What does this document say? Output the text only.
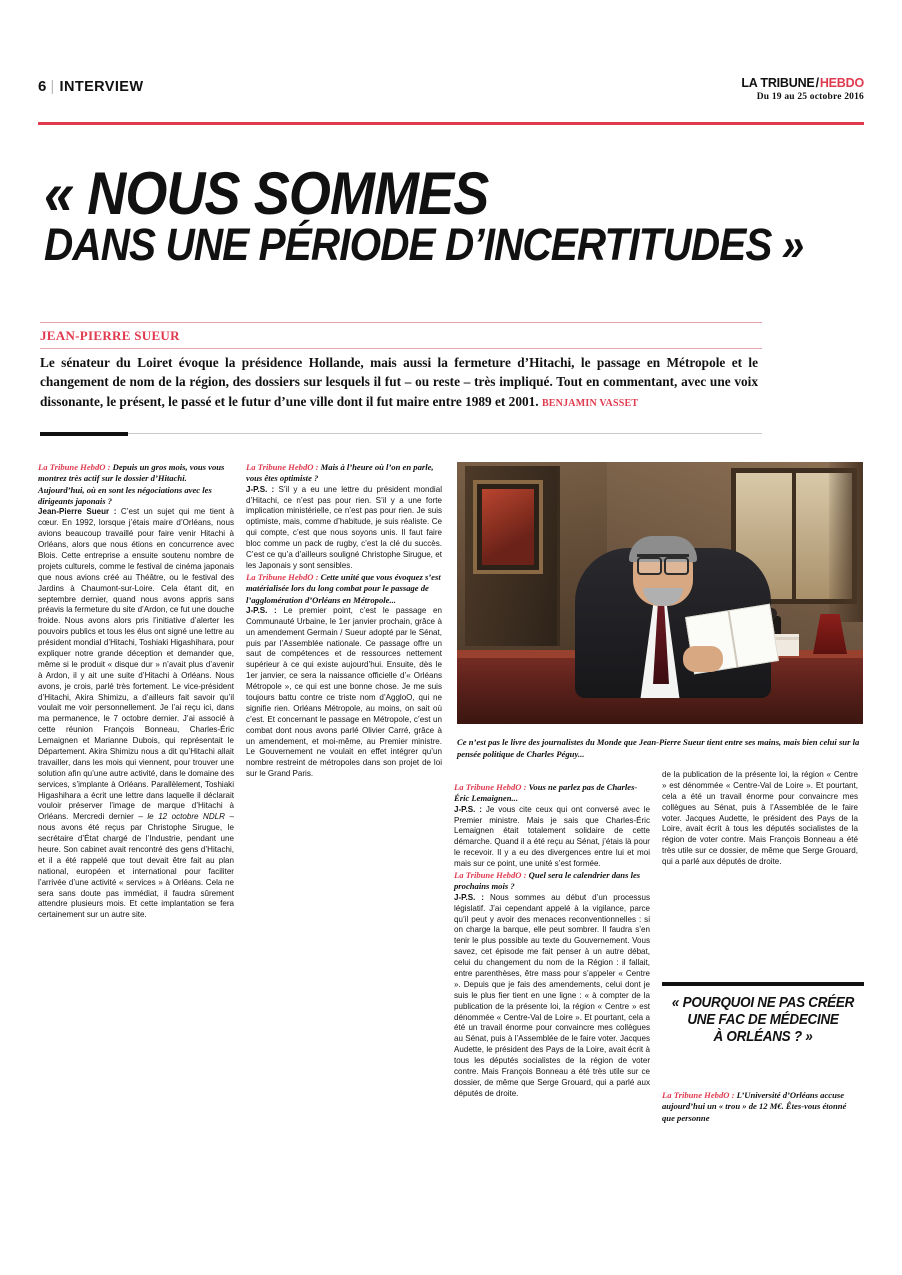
6 | INTERVIEW	LA TRIBUNE/HEBDO
Du 19 au 25 octobre 2016
« NOUS SOMMES
DANS UNE PÉRIODE D’INCERTITUDES »
JEAN-PIERRE SUEUR
Le sénateur du Loiret évoque la présidence Hollande, mais aussi la fermeture d’Hitachi, le passage en Métropole et le changement de nom de la région, des dossiers sur lesquels il fut – ou reste – très impliqué. Tout en commentant, avec une voix dissonante, le présent, le passé et le futur d’une ville dont il fut maire entre 1989 et 2001. BENJAMIN VASSET
Ce n’est pas le livre des journalistes du Monde que Jean-Pierre Sueur tient entre ses mains, mais bien celui sur la pensée politique de Charles Péguy...

La Tribune HebdO : Depuis un gros mois, vous vous montrez très actif sur le dossier d’Hitachi. Aujourd’hui, où en sont les négociations avec les dirigeants japonais ?

Jean-Pierre Sueur : C’est un sujet qui me tient à cœur. En 1992, lorsque j’étais maire d’Orléans, nous avions beaucoup travaillé pour faire venir Hitachi à Orléans, alors que nous étions en concurrence avec Blois. Cette entreprise a ensuite soutenu nombre de projets culturels, comme le festival de cinéma japonais que nous avions créé au Théâtre, ou le festival des Jardins à Chaumont-sur-Loire. Cela étant dit, en septembre dernier, quand nous avons appris sans préavis la fermeture du site d’Ardon, ce fut une douche froide. Nous avons alors pris l’initiative d’alerter les pouvoirs publics et tous les élus ont signé une lettre au président mondial d’Hitachi, Toshiaki Higashihara, pour expliquer notre grande déception et demander que, même si le produit « disque dur » n’avait plus d’avenir à Ardon, il y ait une suite d’Hitachi à Orléans. Nous avons, je crois, parlé très fortement. Le vice-président d’Hitachi, Akira Shimizu, a d’ailleurs fait savoir qu’il voulait me voir personnellement. Je l’ai reçu ici, dans ma permanence, le 7 octobre dernier. J’ai associé à cette réunion François Bonneau, Charles-Éric Lemaignen et Marianne Dubois, qui représentait le Département. Akira Shimizu nous a dit qu’Hitachi allait travailler, dans les mois qui viennent, pour trouver une solution afin qu’une autre activité, dans le domaine des services, s’implante à Orléans. Parallèlement, Toshiaki Higashihara a écrit une lettre dans laquelle il déclarait vouloir préserver l’image de marque d’Hitachi à Orléans. Mercredi dernier – le 12 octobre NDLR – nous avons été reçus par Christophe Sirugue, le secrétaire d’État chargé de l’Industrie, pendant une heure. Son cabinet avait rencontré des gens d’Hitachi, et il a été rappelé que tout devait être fait au plan national, européen et international pour faciliter l’arrivée d’une activité « services » à Orléans. Cela ne sera sans doute pas immédiat, il faudra sûrement attendre plusieurs mois. Et cette implantation se fera certainement sur un autre site.

La Tribune HebdO : Mais à l’heure où l’on en parle, vous êtes optimiste ?

J-P.S. : S’il y a eu une lettre du président mondial d’Hitachi, ce n’est pas pour rien. S’il y a une forte implication ministérielle, ce n’est pas pour rien. Je suis optimiste, mais, comme d’habitude, je suis réaliste. Ce qui compte, c’est que nous soyons unis. Il faut faire bloc comme un pack de rugby, c’est la clé du succès. C’est ce qu’a d’ailleurs souligné Christophe Sirugue, et les Japonais y sont sensibles.

La Tribune HebdO : Cette unité que vous évoquez s’est matérialisée lors du long combat pour le passage de l’agglomération d’Orléans en Métropole...

J-P.S. : Le premier point, c’est le passage en Communauté Urbaine, le 1er janvier prochain, grâce à un amendement Germain / Sueur adopté par le Sénat, puis par l’Assemblée nationale. Ce passage offre un saut de compétences et de ressources nettement supérieur à ce qui existe aujourd’hui. Ensuite, dès le 1er janvier, ce sera la naissance officielle d’« Orléans Métropole », ce qui est une bonne chose. Je me suis toujours battu contre ce triste nom d’AggloO, qui ne signifie rien. Orléans Métropole, au moins, on sait où c’est. Et concernant le passage en Métropole, c’est un combat dont nous avons parlé Olivier Carré, grâce à un amendement, et moi-même, au Premier ministre. Le Gouvernement ne voulait en effet intégrer qu’un nombre restreint de métropoles dans son projet de loi sur le Grand Paris.

La Tribune HebdO : Vous ne parlez pas de Charles-Éric Lemaignen...

J-P.S. : Je vous cite ceux qui ont conversé avec le Premier ministre. Mais je sais que Charles-Éric Lemaignen était totalement solidaire de cette démarche. Quand il a été reçu au Sénat, j’étais là pour le recevoir. Il y a eu des divergences entre lui et moi mais sur ce point, une unité s’est formée.

La Tribune HebdO : Quel sera le calendrier dans les prochains mois ?

J-P.S. : Nous sommes au début d’un processus législatif. J’ai cependant appelé à la vigilance, parce qu’il peut y avoir des menaces reconventionnelles : si on charge la barque, elle peut sombrer. Il faudra s’en tenir le plus possible au texte du Gouvernement. Vous savez, cet épisode me fait penser à un autre débat, celui du changement du nom de la Région : il fallait, entre parenthèses, être mass pour s’appeler « Centre ». Depuis que je fais des amendements, celui dont je suis le plus fier tient en une ligne : « à compter de la publication de la présente loi, la région « Centre » est dénommée « Centre-Val de Loire ». Et pourtant, cela a été un travail énorme pour convaincre mes collègues au Sénat, puis à l’Assemblée de le faire voter. Jacques Audette, le président des Pays de la Loire, avait écrit à tous les députés socialistes de la région de voter contre. Mais François Bonneau a été très utile sur ce dossier, de même que Serge Grouard, qui a parlé aux députés de droite.

de la publication de la présente loi, la région « Centre » est dénommée « Centre-Val de Loire ». Et pourtant, cela a été un travail énorme pour convaincre mes collègues au Sénat, puis à l’Assemblée de le faire voter. Jacques Audette, le président des Pays de la Loire, avait écrit à tous les députés socialistes de la région de voter contre. Mais François Bonneau a été très utile sur ce dossier, de même que Serge Grouard, qui a parlé aux députés de droite.

« POURQUOI NE PAS CRÉER
UNE FAC DE MÉDECINE
À ORLÉANS ? »

La Tribune HebdO : L’Université d’Orléans accuse aujourd’hui un « trou » de 12 M€. Êtes-vous étonné que personne
